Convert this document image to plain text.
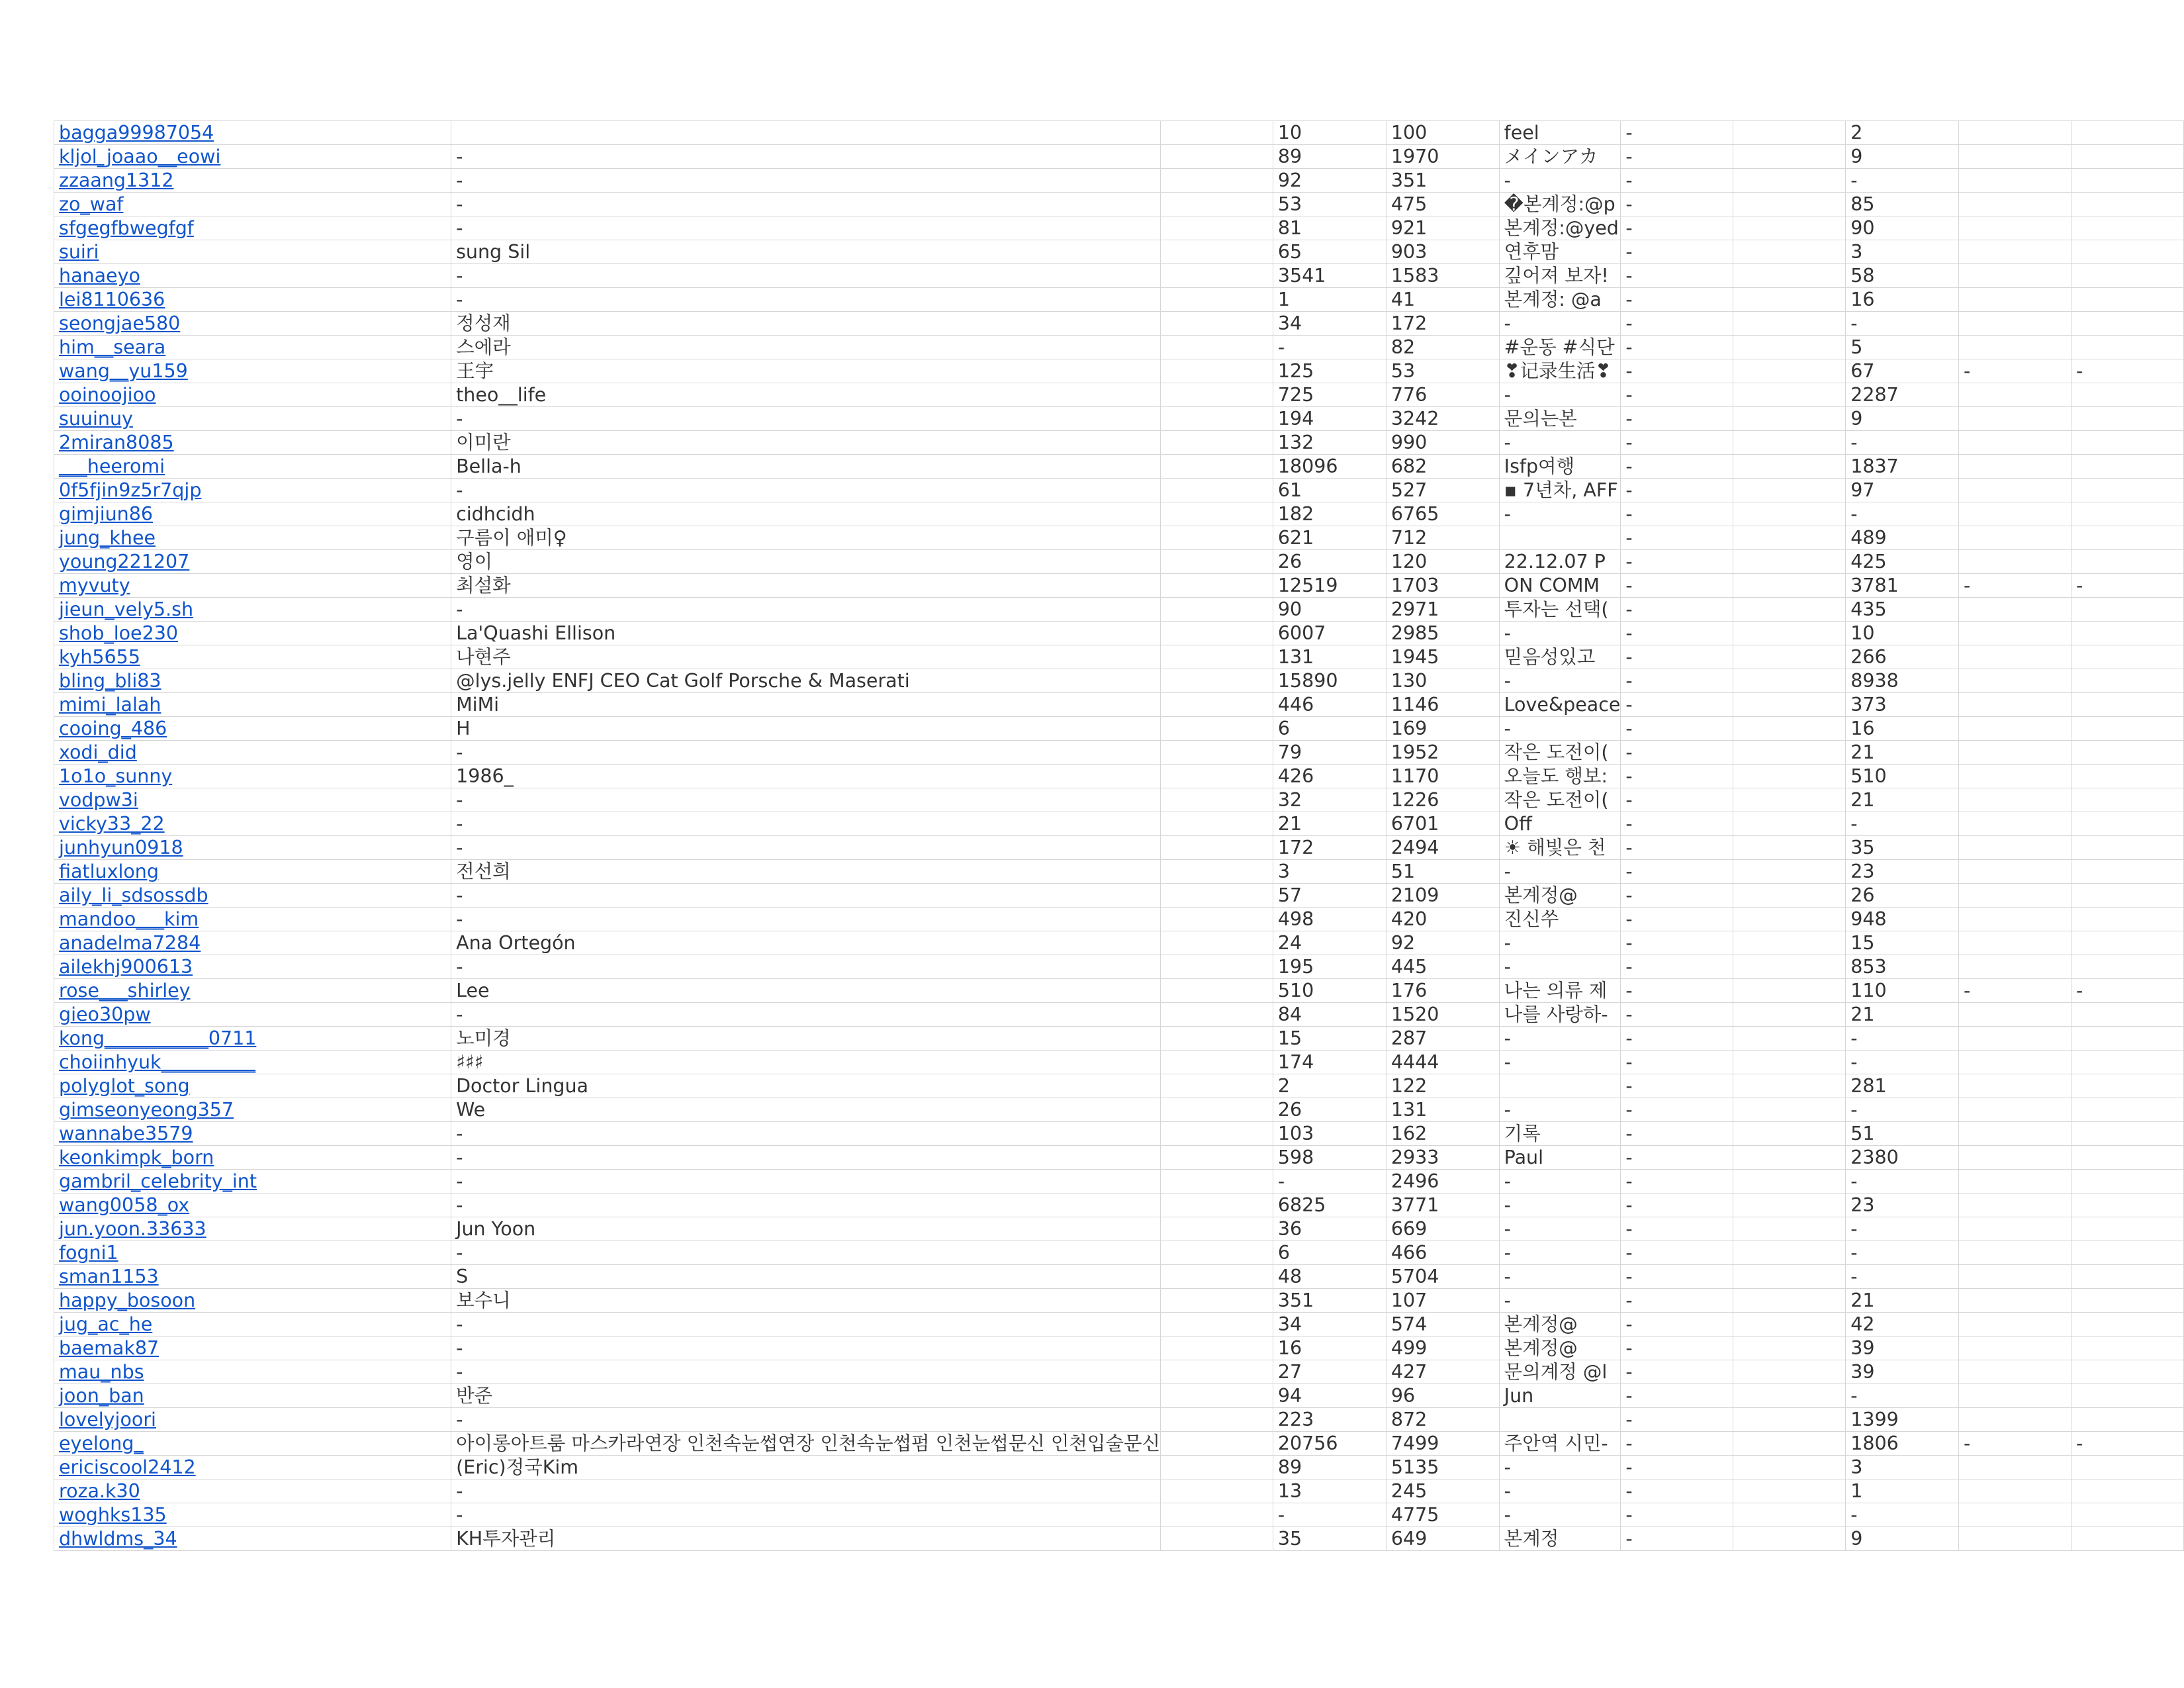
bagga99987054			10	100	feel	-		2		
kljol_joaao__eowi	-		89	1970	メインアカ	-		9		
zzaang1312	-		92	351	-	-		-		
zo_waf	-		53	475	�본계정:@p	-		85		
sfgegfbwegfgf	-		81	921	본계정:@yed	-		90		
suiri	sung Sil		65	903	연후맘	-		3		
hanaeyo	-		3541	1583	깊어져 보자!	-		58		
lei8110636	-		1	41	본계정: @a	-		16		
seongjae580	정성재		34	172	-	-		-		
him__seara	스에라		-	82	#운동 #식단	-		5		
wang__yu159	王宇		125	53	❣记录生活❣	-		67	-	-
ooinoojioo	theo__life		725	776	-	-		2287		
suuinuy	-		194	3242	문의는본	-		9		
2miran8085	이미란		132	990	-	-		-		
___heeromi	Bella-h		18096	682	Isfp여행	-		1837		
0f5fjin9z5r7qjp	-		61	527	▪ 7년차, AFF	-		97		
gimjiun86	cidhcidh		182	6765	-	-		-		
jung_khee	구름이 애미♀		621	712		-		489		
young221207	영이		26	120	22.12.07 P	-		425		
myvuty	최설화		12519	1703	ON COMM	-		3781	-	-
jieun_vely5.sh	-		90	2971	투자는 선택(	-		435		
shob_loe230	La'Quashi Ellison		6007	2985	-	-		10		
kyh5655	나현주		131	1945	믿음성있고	-		266		
bling_bli83	@lys.jelly ENFJ CEO Cat Golf Porsche & Maserati		15890	130	-	-		8938		
mimi_lalah	MiMi		446	1146	Love&peace	-		373		
cooing_486	H		6	169	-	-		16		
xodi_did	-		79	1952	작은 도전이(	-		21		
1o1o_sunny	1986_		426	1170	오늘도 행보:	-		510		
vodpw3i	-		32	1226	작은 도전이(	-		21		
vicky33_22	-		21	6701	Off	-		-		
junhyun0918	-		172	2494	☀ 해빛은 천	-		35		
fiatluxlong	전선희		3	51	-	-		23		
aily_li_sdsossdb	-		57	2109	본계정@	-		26		
mandoo___kim	-		498	420	진신쑤	-		948		
anadelma7284	Ana Ortegón		24	92	-	-		15		
ailekhj900613	-		195	445	-	-		853		
rose___shirley	Lee		510	176	나는 의류 제	-		110	-	-
gieo30pw	-		84	1520	나를 사랑하-	-		21		
kong___________0711	노미경		15	287	-	-		-		
choiinhyuk__________	♯♯♯		174	4444	-	-		-		
polyglot_song	Doctor Lingua		2	122		-		281		
gimseonyeong357	We		26	131	-	-		-		
wannabe3579	-		103	162	기록	-		51		
keonkimpk_born	-		598	2933	Paul	-		2380		
gambril_celebrity_int	-		-	2496	-	-		-		
wang0058_ox	-		6825	3771	-	-		23		
jun.yoon.33633	Jun Yoon		36	669	-	-		-		
fogni1	-		6	466	-	-		-		
sman1153	S		48	5704	-	-		-		
happy_bosoon	보수니		351	107	-	-		21		
jug_ac_he	-		34	574	본계정@	-		42		
baemak87	-		16	499	본계정@	-		39		
mau_nbs	-		27	427	문의계정 @l	-		39		
joon_ban	반준		94	96	Jun	-		-		
lovelyjoori	-		223	872		-		1399		
eyelong_	아이롱아트룸 마스카라연장 인천속눈썹연장 인천속눈썹펌 인천눈썹문신 인천입술문신		20756	7499	주안역 시민-	-		1806	-	-
ericiscool2412	(Eric)정국Kim		89	5135	-	-		3		
roza.k30	-		13	245	-	-		1		
woghks135	-		-	4775	-	-		-		
dhwldms_34	KH투자관리		35	649	본계정	-		9		
